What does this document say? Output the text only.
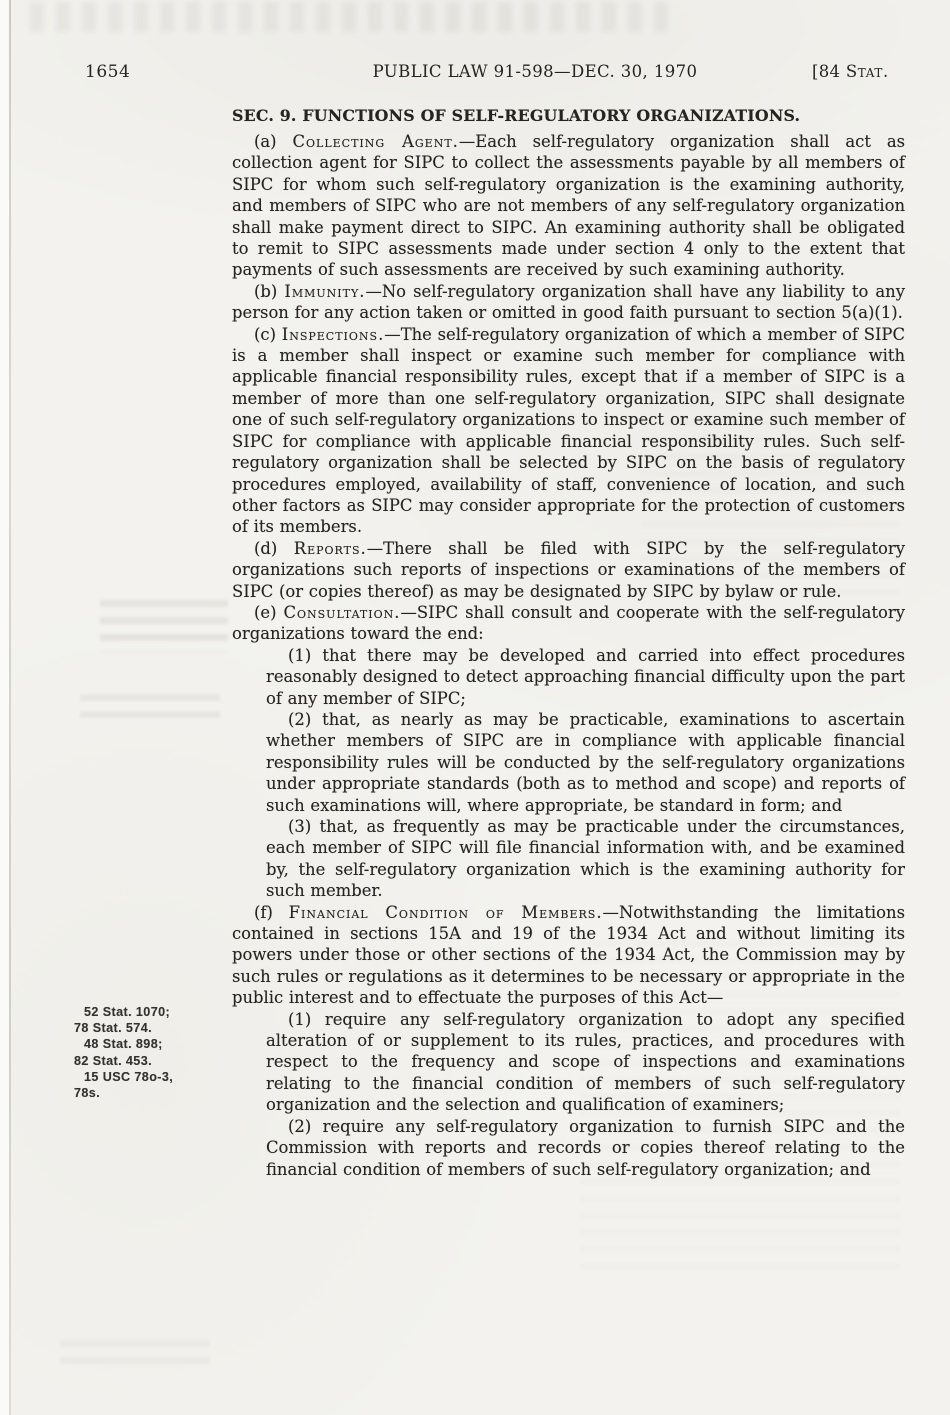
1654	PUBLIC LAW 91-598—DEC. 30, 1970	[84 Stat.
SEC. 9. FUNCTIONS OF SELF-REGULATORY ORGANIZATIONS.

(a) Collecting Agent.—Each self-regulatory organization shall act as collection agent for SIPC to collect the assessments payable by all members of SIPC for whom such self-regulatory organization is the examining authority, and members of SIPC who are not members of any self-regulatory organization shall make payment direct to SIPC. An examining authority shall be obligated to remit to SIPC assessments made under section 4 only to the extent that payments of such assessments are received by such examining authority.

(b) Immunity.—No self-regulatory organization shall have any liability to any person for any action taken or omitted in good faith pursuant to section 5(a)(1).

(c) Inspections.—The self-regulatory organization of which a member of SIPC is a member shall inspect or examine such member for compliance with applicable financial responsibility rules, except that if a member of SIPC is a member of more than one self-regulatory organization, SIPC shall designate one of such self-regulatory organizations to inspect or examine such member of SIPC for compliance with applicable financial responsibility rules. Such self-regulatory organization shall be selected by SIPC on the basis of regulatory procedures employed, availability of staff, convenience of location, and such other factors as SIPC may consider appropriate for the protection of customers of its members.

(d) Reports.—There shall be filed with SIPC by the self-regulatory organizations such reports of inspections or examinations of the members of SIPC (or copies thereof) as may be designated by SIPC by bylaw or rule.

(e) Consultation.—SIPC shall consult and cooperate with the self-regulatory organizations toward the end:

(1) that there may be developed and carried into effect procedures reasonably designed to detect approaching financial difficulty upon the part of any member of SIPC;

(2) that, as nearly as may be practicable, examinations to ascertain whether members of SIPC are in compliance with applicable financial responsibility rules will be conducted by the self-regulatory organizations under appropriate standards (both as to method and scope) and reports of such examinations will, where appropriate, be standard in form; and

(3) that, as frequently as may be practicable under the circumstances, each member of SIPC will file financial information with, and be examined by, the self-regulatory organization which is the examining authority for such member.

(f) Financial Condition of Members.—Notwithstanding the limitations contained in sections 15A and 19 of the 1934 Act and without limiting its powers under those or other sections of the 1934 Act, the Commission may by such rules or regulations as it determines to be necessary or appropriate in the public interest and to effectuate the purposes of this Act—

(1) require any self-regulatory organization to adopt any specified alteration of or supplement to its rules, practices, and procedures with respect to the frequency and scope of inspections and examinations relating to the financial condition of members of such self-regulatory organization and the selection and qualification of examiners;

(2) require any self-regulatory organization to furnish SIPC and the Commission with reports and records or copies thereof relating to the financial condition of members of such self-regulatory organization; and

52 Stat. 1070;
78 Stat. 574.
48 Stat. 898;
82 Stat. 453.
15 USC 78o-3,
78s.
